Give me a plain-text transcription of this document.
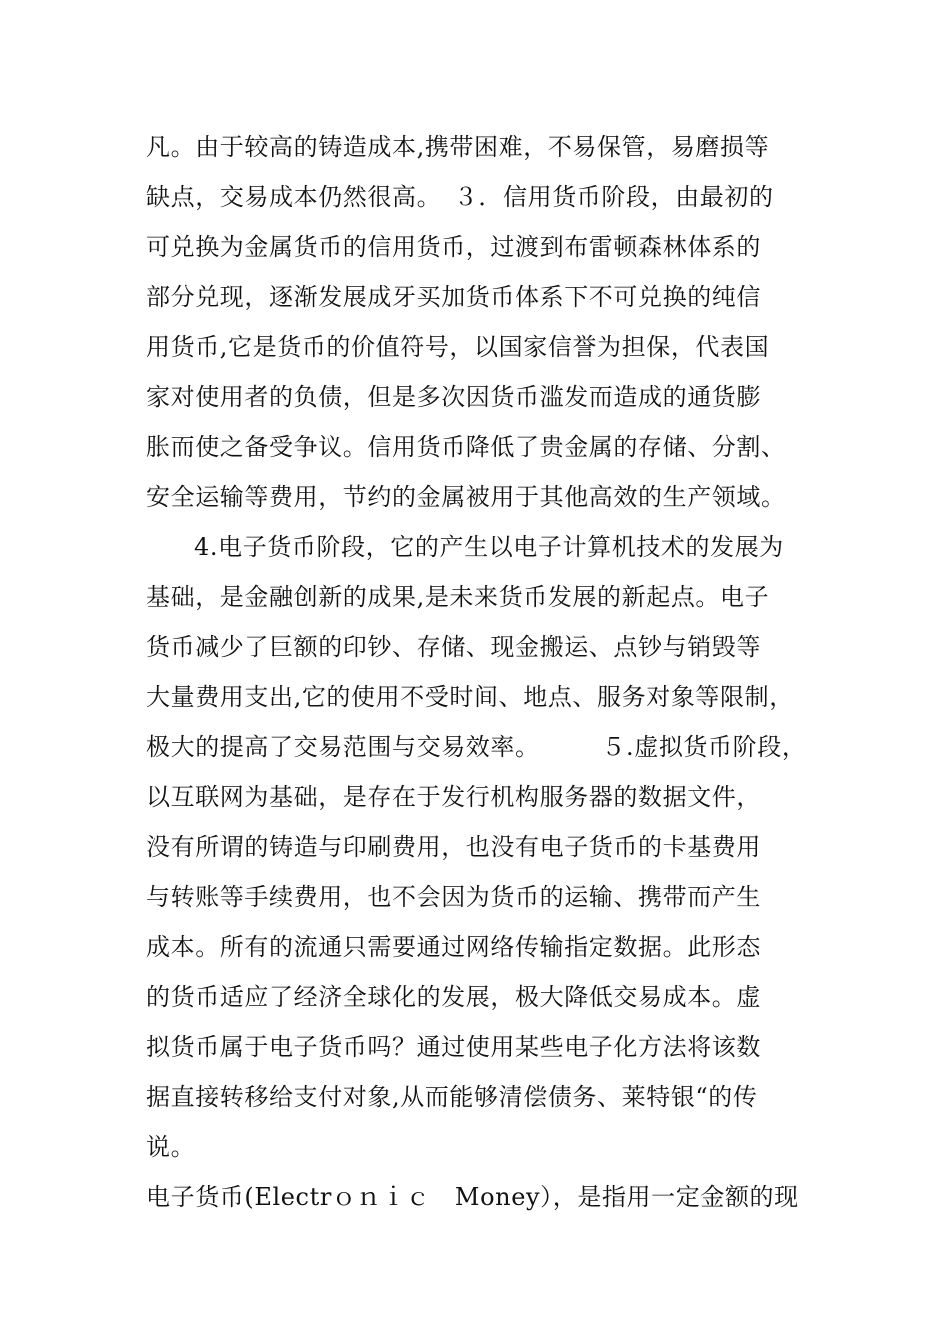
凡。由于较高的铸造成本,携带困难，不易保管，易磨损等
缺点，交易成本仍然很高。　３．信用货币阶段，由最初的
可兑换为金属货币的信用货币，过渡到布雷顿森林体系的
部分兑现，逐渐发展成牙买加货币体系下不可兑换的纯信
用货币,它是货币的价值符号，以国家信誉为担保，代表国
家对使用者的负债，但是多次因货币滥发而造成的通货膨
胀而使之备受争议。信用货币降低了贵金属的存储、分割、
安全运输等费用，节约的金属被用于其他高效的生产领域。
4.电子货币阶段，它的产生以电子计算机技术的发展为
基础，是金融创新的成果,是未来货币发展的新起点。电子
货币减少了巨额的印钞、存储、现金搬运、点钞与销毁等
大量费用支出,它的使用不受时间、地点、服务对象等限制，
极大的提高了交易范围与交易效率。　　　５.虚拟货币阶段，
以互联网为基础，是存在于发行机构服务器的数据文件，
没有所谓的铸造与印刷费用，也没有电子货币的卡基费用
与转账等手续费用，也不会因为货币的运输、携带而产生
成本。所有的流通只需要通过网络传输指定数据。此形态
的货币适应了经济全球化的发展，极大降低交易成本。虚
拟货币属于电子货币吗？通过使用某些电子化方法将该数
据直接转移给支付对象,从而能够清偿债务、莱特银“的传
说。
电子货币(Electrｏｎｉｃ　Money），是指用一定金额的现
